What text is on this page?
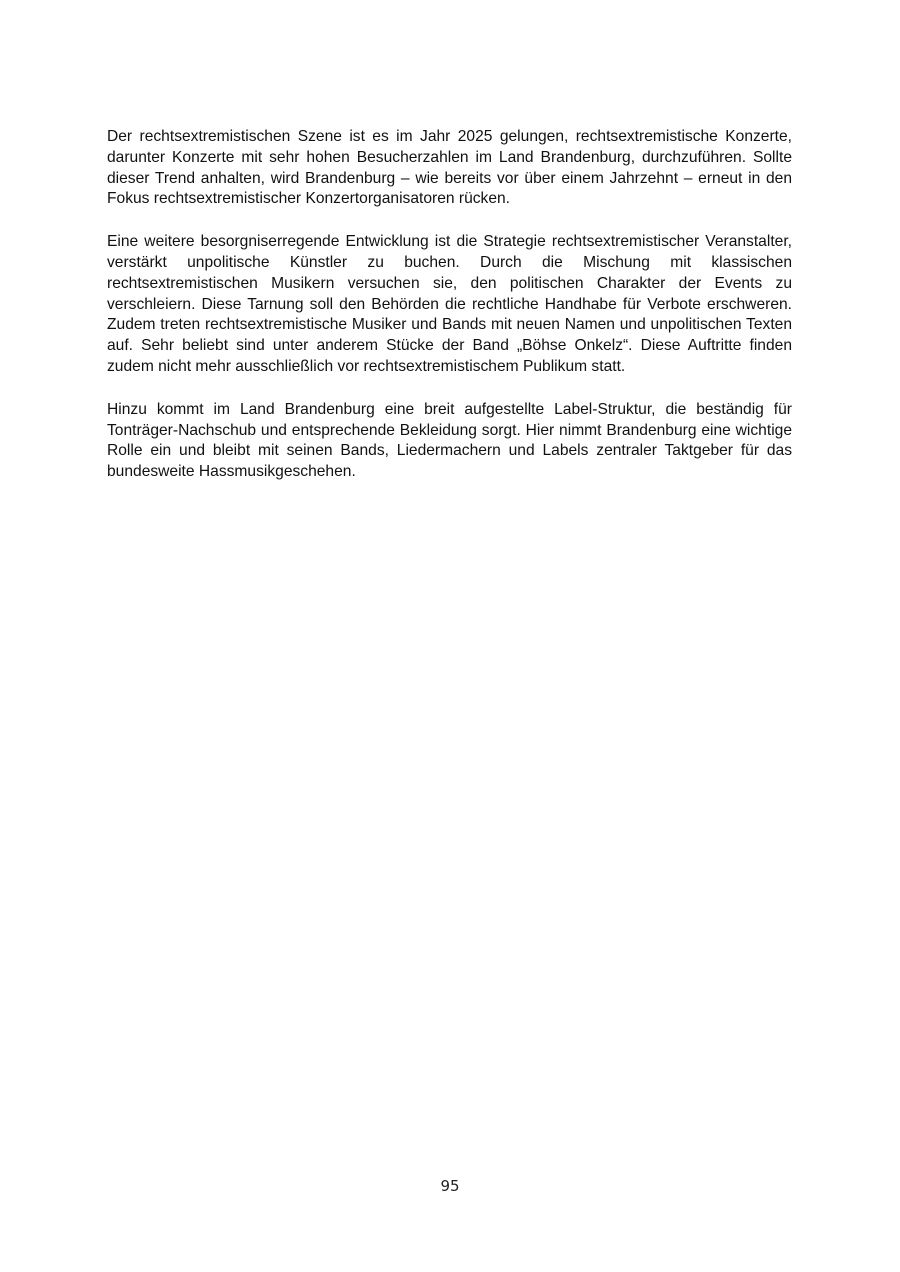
Der rechtsextremistischen Szene ist es im Jahr 2025 gelungen, rechtsextremistische Konzerte, darunter Konzerte mit sehr hohen Besucherzahlen im Land Brandenburg, durchzuführen. Sollte dieser Trend anhalten, wird Brandenburg – wie bereits vor über einem Jahrzehnt – erneut in den Fokus rechtsextremistischer Konzertorganisatoren rücken.

Eine weitere besorgniserregende Entwicklung ist die Strategie rechtsextremistischer Veranstalter, verstärkt unpolitische Künstler zu buchen. Durch die Mischung mit klassischen rechtsextremistischen Musikern versuchen sie, den politischen Charakter der Events zu verschleiern. Diese Tarnung soll den Behörden die rechtliche Handhabe für Verbote erschweren. Zudem treten rechtsextremistische Musiker und Bands mit neuen Namen und unpolitischen Texten auf. Sehr beliebt sind unter anderem Stücke der Band „Böhse Onkelz“. Diese Auftritte finden zudem nicht mehr ausschließlich vor rechtsextremistischem Publikum statt.

Hinzu kommt im Land Brandenburg eine breit aufgestellte Label-Struktur, die beständig für Tonträger-Nachschub und entsprechende Bekleidung sorgt. Hier nimmt Brandenburg eine wichtige Rolle ein und bleibt mit seinen Bands, Liedermachern und Labels zentraler Taktgeber für das bundesweite Hassmusikgeschehen.

95
